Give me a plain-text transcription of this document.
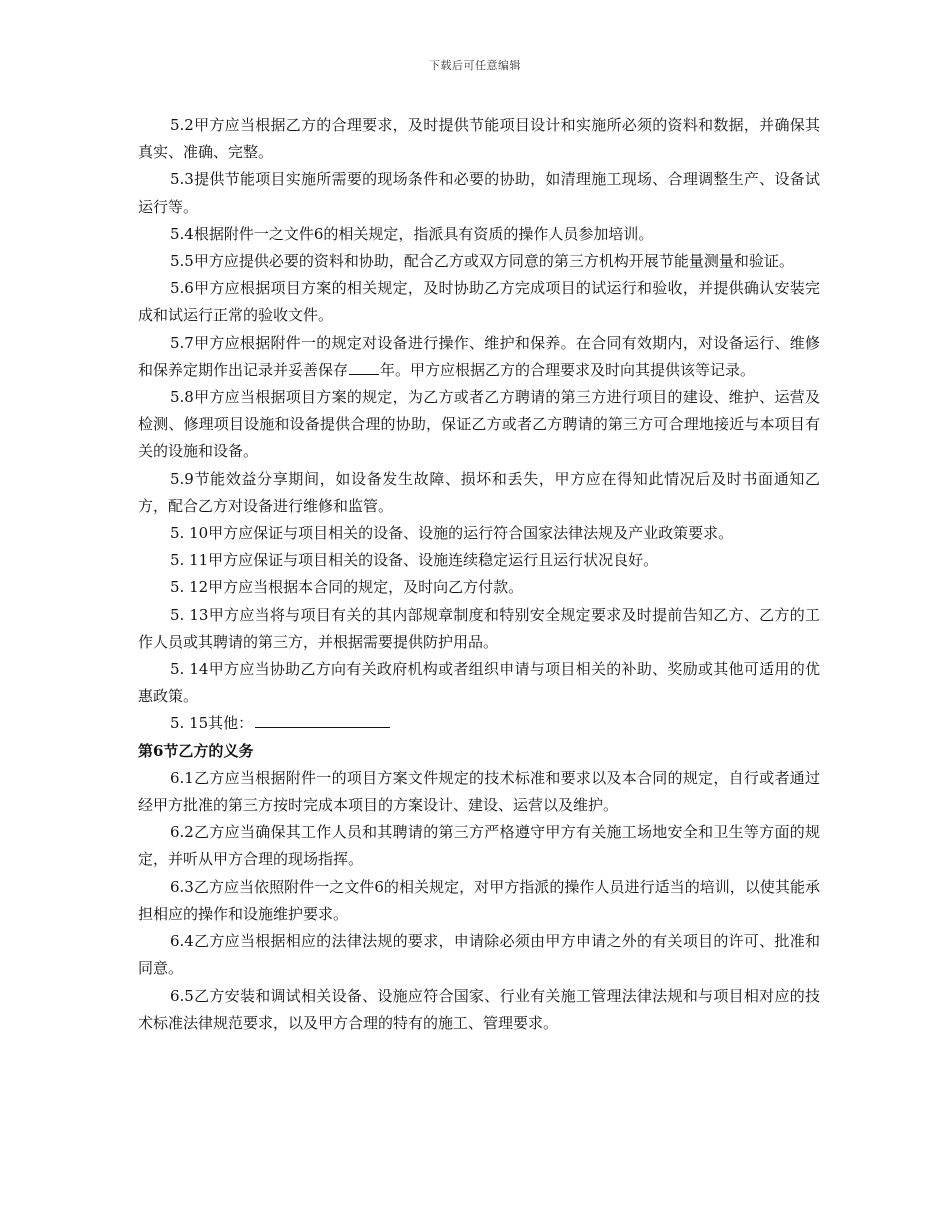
下载后可任意编辑

5.2甲方应当根据乙方的合理要求，及时提供节能项目设计和实施所必须的资料和数据，并确保其真实、准确、完整。

5.3提供节能项目实施所需要的现场条件和必要的协助，如清理施工现场、合理调整生产、设备试运行等。

5.4根据附件一之文件6的相关规定，指派具有资质的操作人员参加培训。

5.5甲方应提供必要的资料和协助，配合乙方或双方同意的第三方机构开展节能量测量和验证。

5.6甲方应根据项目方案的相关规定，及时协助乙方完成项目的试运行和验收，并提供确认安装完成和试运行正常的验收文件。

5.7甲方应根据附件一的规定对设备进行操作、维护和保养。在合同有效期内，对设备运行、维修和保养定期作出记录并妥善保存 年。甲方应根据乙方的合理要求及时向其提供该等记录。

5.8甲方应当根据项目方案的规定，为乙方或者乙方聘请的第三方进行项目的建设、维护、运营及检测、修理项目设施和设备提供合理的协助，保证乙方或者乙方聘请的第三方可合理地接近与本项目有关的设施和设备。

5.9节能效益分享期间，如设备发生故障、损坏和丢失，甲方应在得知此情况后及时书面通知乙方，配合乙方对设备进行维修和监管。

5. 10甲方应保证与项目相关的设备、设施的运行符合国家法律法规及产业政策要求。

5. 11甲方应保证与项目相关的设备、设施连续稳定运行且运行状况良好。

5. 12甲方应当根据本合同的规定，及时向乙方付款。

5. 13甲方应当将与项目有关的其内部规章制度和特别安全规定要求及时提前告知乙方、乙方的工作人员或其聘请的第三方，并根据需要提供防护用品。

5. 14甲方应当协助乙方向有关政府机构或者组织申请与项目相关的补助、奖励或其他可适用的优惠政策。

5. 15其他：

第6节乙方的义务

6.1乙方应当根据附件一的项目方案文件规定的技术标准和要求以及本合同的规定，自行或者通过经甲方批准的第三方按时完成本项目的方案设计、建设、运营以及维护。

6.2乙方应当确保其工作人员和其聘请的第三方严格遵守甲方有关施工场地安全和卫生等方面的规定，并听从甲方合理的现场指挥。

6.3乙方应当依照附件一之文件6的相关规定，对甲方指派的操作人员进行适当的培训，以使其能承担相应的操作和设施维护要求。

6.4乙方应当根据相应的法律法规的要求，申请除必须由甲方申请之外的有关项目的许可、批准和同意。

6.5乙方安装和调试相关设备、设施应符合国家、行业有关施工管理法律法规和与项目相对应的技术标准法律规范要求，以及甲方合理的特有的施工、管理要求。
